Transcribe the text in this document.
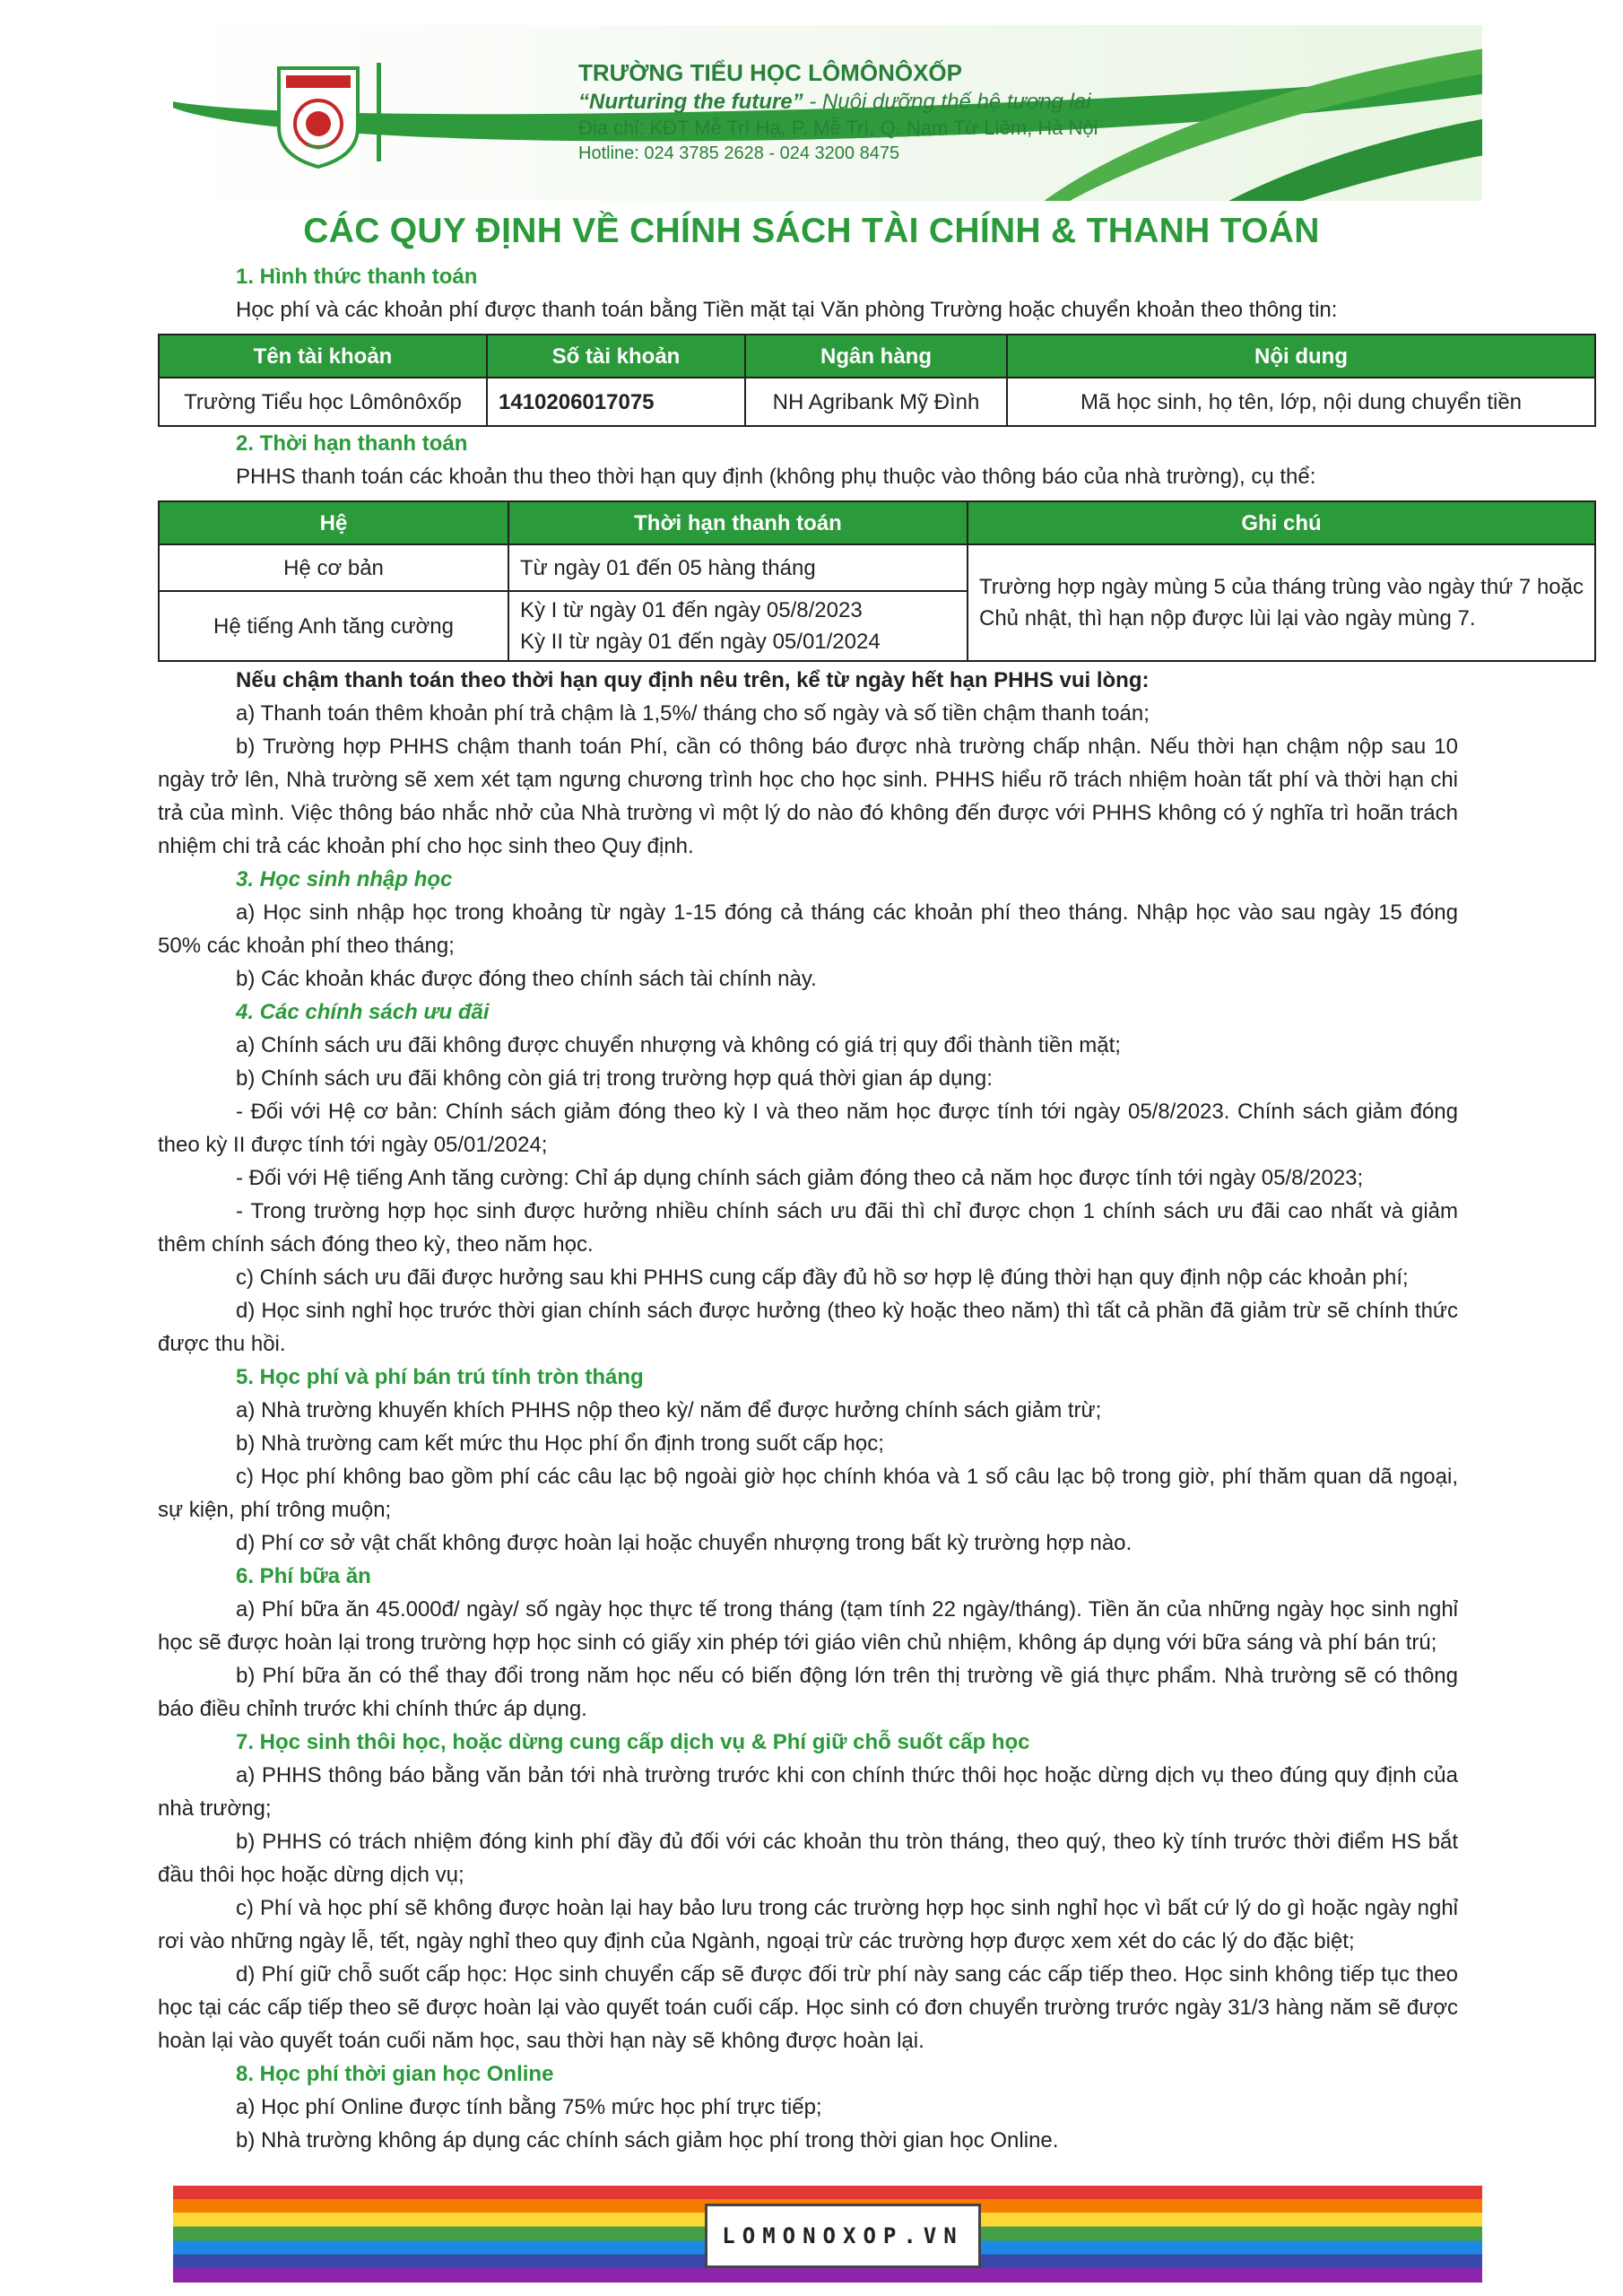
TRƯỜNG TIỂU HỌC LÔMÔNÔXỐP
“Nurturing the future” - Nuôi dưỡng thế hệ tương lai
Địa chỉ: KĐT Mễ Trì Hạ, P. Mễ Trì, Q. Nam Từ Liêm, Hà Nội
Hotline: 024 3785 2628 - 024 3200 8475
CÁC QUY ĐỊNH VỀ CHÍNH SÁCH TÀI CHÍNH & THANH TOÁN
1. Hình thức thanh toán
Học phí và các khoản phí được thanh toán bằng Tiền mặt tại Văn phòng Trường hoặc chuyển khoản theo thông tin:
Tên tài khoản	Số tài khoản	Ngân hàng	Nội dung
Trường Tiểu học Lômônôxốp	1410206017075	NH Agribank Mỹ Đình	Mã học sinh, họ tên, lớp, nội dung chuyển tiền
2. Thời hạn thanh toán
PHHS thanh toán các khoản thu theo thời hạn quy định (không phụ thuộc vào thông báo của nhà trường), cụ thể:
Hệ	Thời hạn thanh toán	Ghi chú
Hệ cơ bản	Từ ngày 01 đến 05 hàng tháng	Trường hợp ngày mùng 5 của tháng trùng vào ngày thứ 7 hoặc Chủ nhật, thì hạn nộp được lùi lại vào ngày mùng 7.
Hệ tiếng Anh tăng cường	Kỳ I từ ngày 01 đến ngày 05/8/2023
Kỳ II từ ngày 01 đến ngày 05/01/2024	
Nếu chậm thanh toán theo thời hạn quy định nêu trên, kể từ ngày hết hạn PHHS vui lòng:
a) Thanh toán thêm khoản phí trả chậm là 1,5%/ tháng cho số ngày và số tiền chậm thanh toán;
b) Trường hợp PHHS chậm thanh toán Phí, cần có thông báo được nhà trường chấp nhận. Nếu thời hạn chậm nộp sau 10 ngày trở lên, Nhà trường sẽ xem xét tạm ngưng chương trình học cho học sinh. PHHS hiểu rõ trách nhiệm hoàn tất phí và thời hạn chi trả của mình. Việc thông báo nhắc nhở của Nhà trường vì một lý do nào đó không đến được với PHHS không có ý nghĩa trì hoãn trách nhiệm chi trả các khoản phí cho học sinh theo Quy định.
3. Học sinh nhập học
a) Học sinh nhập học trong khoảng từ ngày 1-15 đóng cả tháng các khoản phí theo tháng. Nhập học vào sau ngày 15 đóng 50% các khoản phí theo tháng;
b) Các khoản khác được đóng theo chính sách tài chính này.
4. Các chính sách ưu đãi
a) Chính sách ưu đãi không được chuyển nhượng và không có giá trị quy đổi thành tiền mặt;
b) Chính sách ưu đãi không còn giá trị trong trường hợp quá thời gian áp dụng:
- Đối với Hệ cơ bản: Chính sách giảm đóng theo kỳ I và theo năm học được tính tới ngày 05/8/2023. Chính sách giảm đóng theo kỳ II được tính tới ngày 05/01/2024;
- Đối với Hệ tiếng Anh tăng cường: Chỉ áp dụng chính sách giảm đóng theo cả năm học được tính tới ngày 05/8/2023;
- Trong trường hợp học sinh được hưởng nhiều chính sách ưu đãi thì chỉ được chọn 1 chính sách ưu đãi cao nhất và giảm thêm chính sách đóng theo kỳ, theo năm học.
c) Chính sách ưu đãi được hưởng sau khi PHHS cung cấp đầy đủ hồ sơ hợp lệ đúng thời hạn quy định nộp các khoản phí;
d) Học sinh nghỉ học trước thời gian chính sách được hưởng (theo kỳ hoặc theo năm) thì tất cả phần đã giảm trừ sẽ chính thức được thu hồi.
5. Học phí và phí bán trú tính tròn tháng
a) Nhà trường khuyến khích PHHS nộp theo kỳ/ năm để được hưởng chính sách giảm trừ;
b) Nhà trường cam kết mức thu Học phí ổn định trong suốt cấp học;
c) Học phí không bao gồm phí các câu lạc bộ ngoài giờ học chính khóa và 1 số câu lạc bộ trong giờ, phí thăm quan dã ngoại, sự kiện, phí trông muộn;
d) Phí cơ sở vật chất không được hoàn lại hoặc chuyển nhượng trong bất kỳ trường hợp nào.
6. Phí bữa ăn
a) Phí bữa ăn 45.000đ/ ngày/ số ngày học thực tế trong tháng (tạm tính 22 ngày/tháng). Tiền ăn của những ngày học sinh nghỉ học sẽ được hoàn lại trong trường hợp học sinh có giấy xin phép tới giáo viên chủ nhiệm, không áp dụng với bữa sáng và phí bán trú;
b) Phí bữa ăn có thể thay đổi trong năm học nếu có biến động lớn trên thị trường về giá thực phẩm. Nhà trường sẽ có thông báo điều chỉnh trước khi chính thức áp dụng.
7. Học sinh thôi học, hoặc dừng cung cấp dịch vụ & Phí giữ chỗ suốt cấp học
a) PHHS thông báo bằng văn bản tới nhà trường trước khi con chính thức thôi học hoặc dừng dịch vụ theo đúng quy định của nhà trường;
b) PHHS có trách nhiệm đóng kinh phí đầy đủ đối với các khoản thu tròn tháng, theo quý, theo kỳ tính trước thời điểm HS bắt đầu thôi học hoặc dừng dịch vụ;
c) Phí và học phí sẽ không được hoàn lại hay bảo lưu trong các trường hợp học sinh nghỉ học vì bất cứ lý do gì hoặc ngày nghỉ rơi vào những ngày lễ, tết, ngày nghỉ theo quy định của Ngành, ngoại trừ các trường hợp được xem xét do các lý do đặc biệt;
d) Phí giữ chỗ suốt cấp học: Học sinh chuyển cấp sẽ được đối trừ phí này sang các cấp tiếp theo. Học sinh không tiếp tục theo học tại các cấp tiếp theo sẽ được hoàn lại vào quyết toán cuối cấp. Học sinh có đơn chuyển trường trước ngày 31/3 hàng năm sẽ được hoàn lại vào quyết toán cuối năm học, sau thời hạn này sẽ không được hoàn lại.
8. Học phí thời gian học Online
a) Học phí Online được tính bằng 75% mức học phí trực tiếp;
b) Nhà trường không áp dụng các chính sách giảm học phí trong thời gian học Online.
LOMONOXOP.VN
